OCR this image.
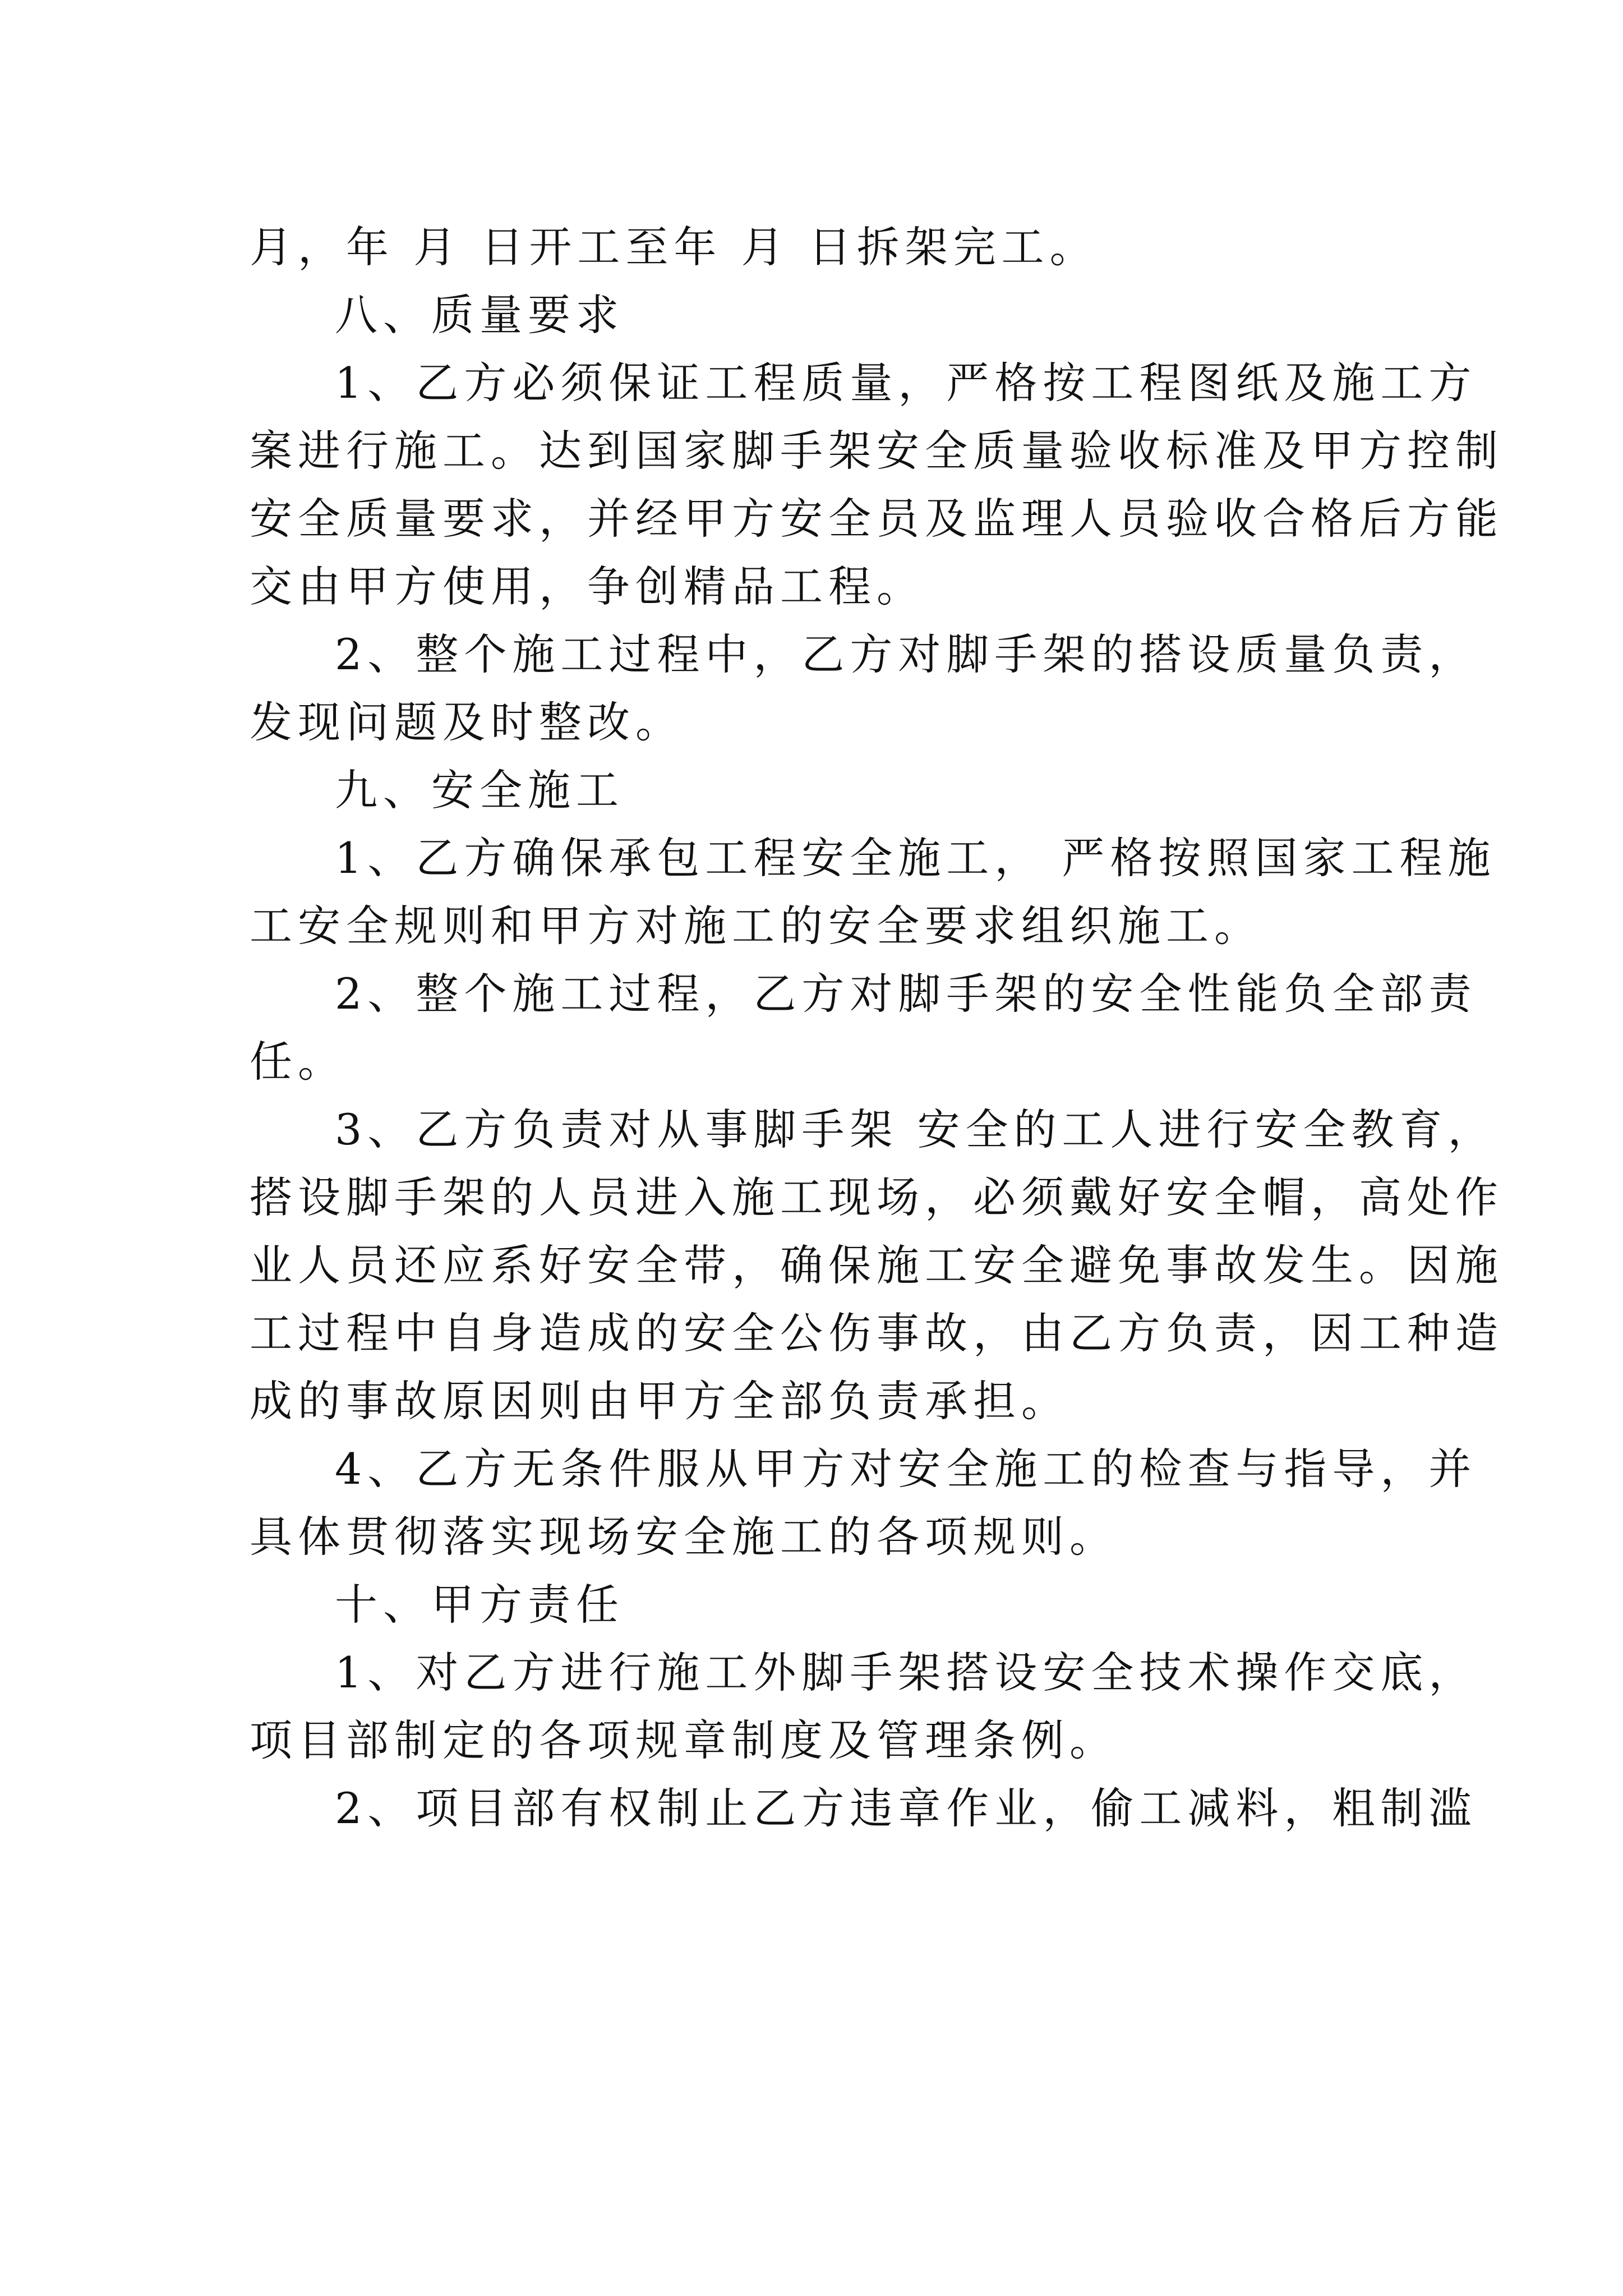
月，年 月 日开工至年 月 日拆架完工。
八、质量要求
1、乙方必须保证工程质量，严格按工程图纸及施工方
案进行施工。达到国家脚手架安全质量验收标准及甲方控制
安全质量要求，并经甲方安全员及监理人员验收合格后方能
交由甲方使用，争创精品工程。
2、整个施工过程中，乙方对脚手架的搭设质量负责，
发现问题及时整改。
九、安全施工
1、乙方确保承包工程安全施工， 严格按照国家工程施
工安全规则和甲方对施工的安全要求组织施工。
2、整个施工过程，乙方对脚手架的安全性能负全部责
任。
3、乙方负责对从事脚手架 安全的工人进行安全教育，
搭设脚手架的人员进入施工现场，必须戴好安全帽，高处作
业人员还应系好安全带，确保施工安全避免事故发生。因施
工过程中自身造成的安全公伤事故，由乙方负责，因工种造
成的事故原因则由甲方全部负责承担。
4、乙方无条件服从甲方对安全施工的检查与指导，并
具体贯彻落实现场安全施工的各项规则。
十、甲方责任
1、对乙方进行施工外脚手架搭设安全技术操作交底，
项目部制定的各项规章制度及管理条例。
2、项目部有权制止乙方违章作业，偷工减料，粗制滥
